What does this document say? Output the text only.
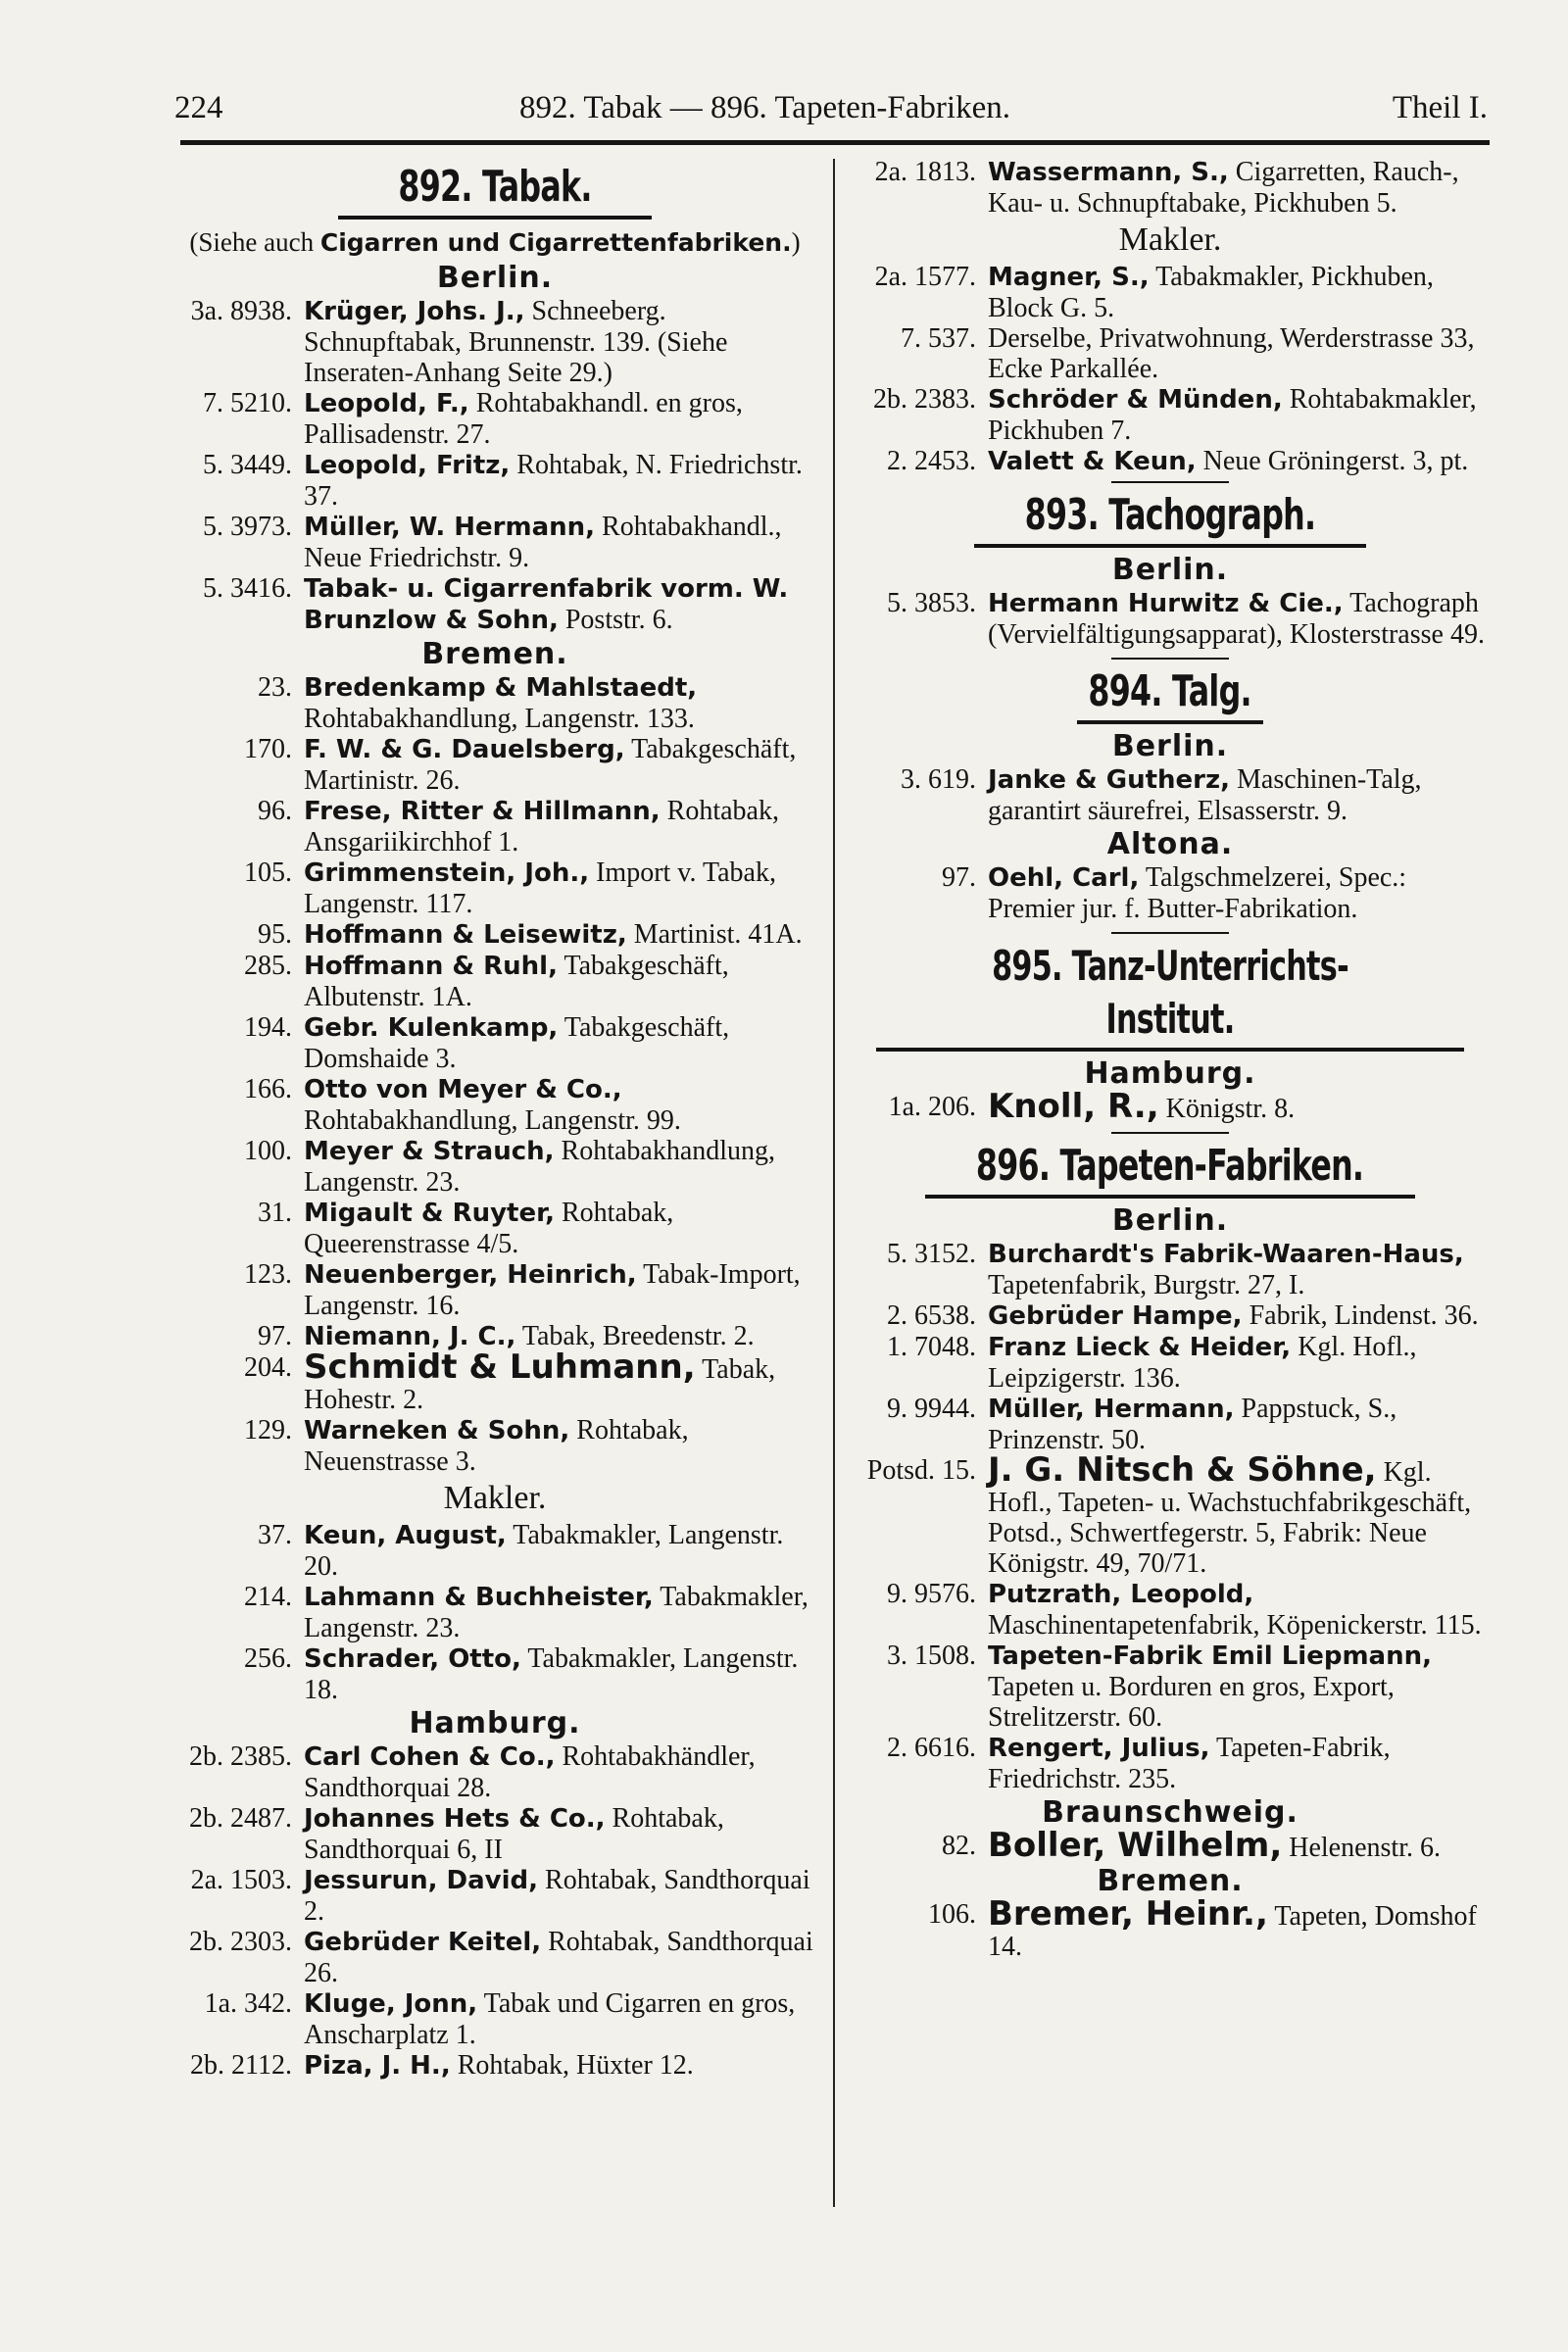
224	892. Tabak — 896. Tapeten-Fabriken.	Theil I.
892. Tabak.
(Siehe auch Cigarren und Cigarrettenfabriken.)
Berlin.
3a. 8938. Krüger, Johs. J., Schneeberg. Schnupftabak, Brunnenstr. 139. (Siehe Inseraten-Anhang Seite 29.)
7. 5210. Leopold, F., Rohtabakhandl. en gros, Pallisadenstr. 27.
5. 3449. Leopold, Fritz, Rohtabak, N. Friedrichstr. 37.
5. 3973. Müller, W. Hermann, Rohtabakhandl., Neue Friedrichstr. 9.
5. 3416. Tabak- u. Cigarrenfabrik vorm. W. Brunzlow & Sohn, Poststr. 6.
Bremen.
23. Bredenkamp & Mahlstaedt, Rohtabakhandlung, Langenstr. 133.
170. F. W. & G. Dauelsberg, Tabakgeschäft, Martinistr. 26.
96. Frese, Ritter & Hillmann, Rohtabak, Ansgariikirchhof 1.
105. Grimmenstein, Joh., Import v. Tabak, Langenstr. 117.
95. Hoffmann & Leisewitz, Martinist. 41A.
285. Hoffmann & Ruhl, Tabakgeschäft, Albutenstr. 1A.
194. Gebr. Kulenkamp, Tabakgeschäft, Domshaide 3.
166. Otto von Meyer & Co., Rohtabakhandlung, Langenstr. 99.
100. Meyer & Strauch, Rohtabakhandlung, Langenstr. 23.
31. Migault & Ruyter, Rohtabak, Queerenstrasse 4/5.
123. Neuenberger, Heinrich, Tabak-Import, Langenstr. 16.
97. Niemann, J. C., Tabak, Breedenstr. 2.
204. Schmidt & Luhmann, Tabak, Hohestr. 2.
129. Warneken & Sohn, Rohtabak, Neuenstrasse 3.
Makler.
37. Keun, August, Tabakmakler, Langenstr. 20.
214. Lahmann & Buchheister, Tabakmakler, Langenstr. 23.
256. Schrader, Otto, Tabakmakler, Langenstr. 18.
Hamburg.
2b. 2385. Carl Cohen & Co., Rohtabakhändler, Sandthorquai 28.
2b. 2487. Johannes Hets & Co., Rohtabak, Sandthorquai 6, II
2a. 1503. Jessurun, David, Rohtabak, Sandthorquai 2.
2b. 2303. Gebrüder Keitel, Rohtabak, Sandthorquai 26.
1a. 342. Kluge, Jonn, Tabak und Cigarren en gros, Anscharplatz 1.
2b. 2112. Piza, J. H., Rohtabak, Hüxter 12.
2a. 1813. Wassermann, S., Cigarretten, Rauch-, Kau- u. Schnupftabake, Pickhuben 5.
Makler.
2a. 1577. Magner, S., Tabakmakler, Pickhuben, Block G. 5.
7. 537. Derselbe, Privatwohnung, Werderstrasse 33, Ecke Parkallée.
2b. 2383. Schröder & Münden, Rohtabakmakler, Pickhuben 7.
2. 2453. Valett & Keun, Neue Gröningerst. 3, pt.
893. Tachograph.
Berlin.
5. 3853. Hermann Hurwitz & Cie., Tachograph (Vervielfältigungsapparat), Klosterstrasse 49.
894. Talg.
Berlin.
3. 619. Janke & Gutherz, Maschinen-Talg, garantirt säurefrei, Elsasserstr. 9.
Altona.
97. Oehl, Carl, Talgschmelzerei, Spec.: Premier jur. f. Butter-Fabrikation.
895. Tanz-Unterrichts-Institut.
Hamburg.
1a. 206. Knoll, R., Königstr. 8.
896. Tapeten-Fabriken.
Berlin.
5. 3152. Burchardt's Fabrik-Waaren-Haus, Tapetenfabrik, Burgstr. 27, I.
2. 6538. Gebrüder Hampe, Fabrik, Lindenst. 36.
1. 7048. Franz Lieck & Heider, Kgl. Hofl., Leipzigerstr. 136.
9. 9944. Müller, Hermann, Pappstuck, S., Prinzenstr. 50.
Potsd. 15. J. G. Nitsch & Söhne, Kgl. Hofl., Tapeten- u. Wachstuchfabrikgeschäft, Potsd., Schwertfegerstr. 5, Fabrik: Neue Königstr. 49, 70/71.
9. 9576. Putzrath, Leopold, Maschinentapetenfabrik, Köpenickerstr. 115.
3. 1508. Tapeten-Fabrik Emil Liepmann, Tapeten u. Borduren en gros, Export, Strelitzerstr. 60.
2. 6616. Rengert, Julius, Tapeten-Fabrik, Friedrichstr. 235.
Braunschweig.
82. Boller, Wilhelm, Helenenstr. 6.
Bremen.
106. Bremer, Heinr., Tapeten, Domshof 14.
